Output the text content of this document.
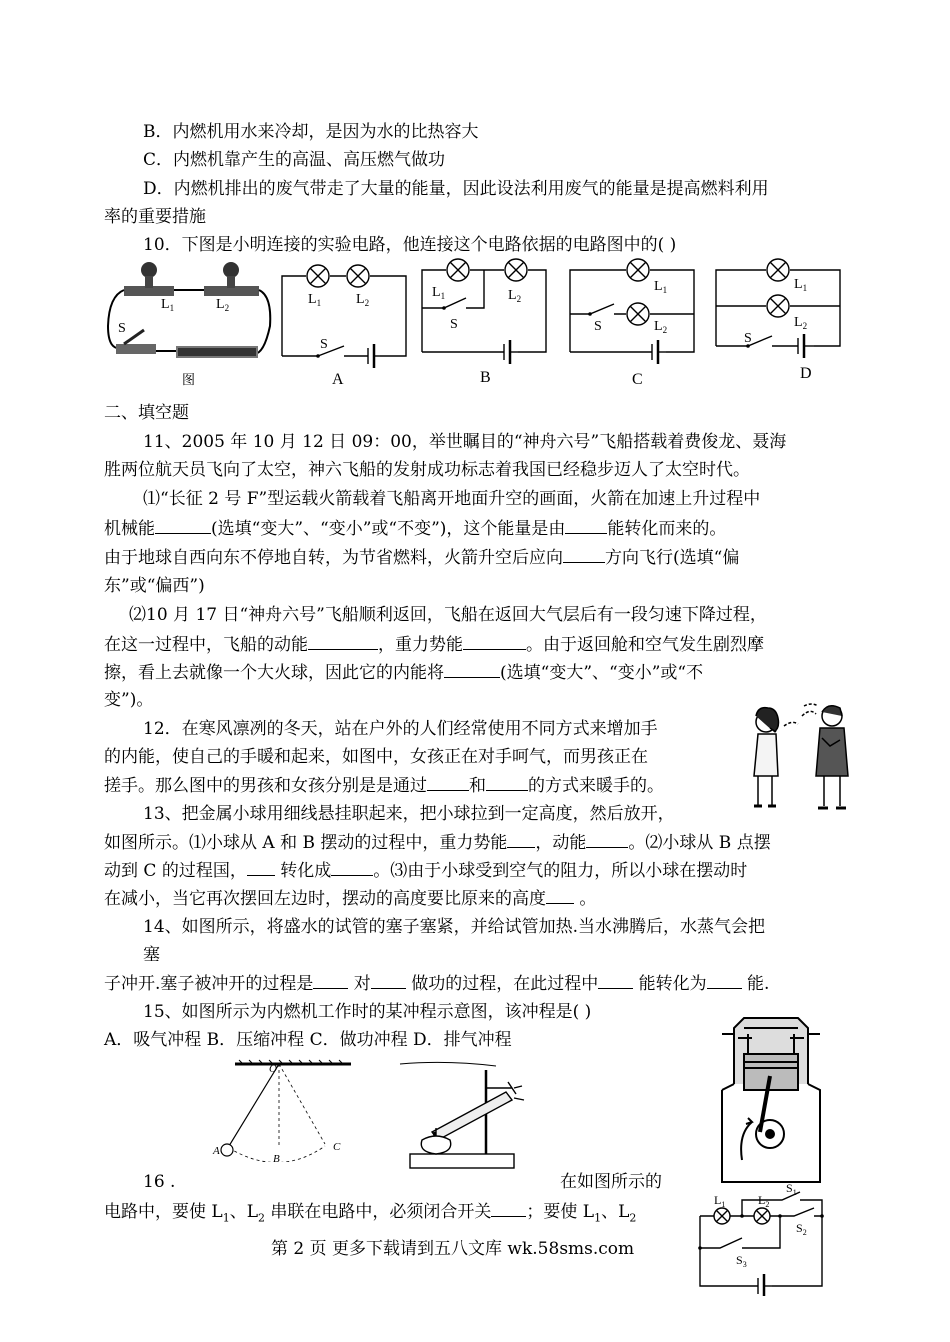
B．内燃机用水来冷却，是因为水的比热容大
C．内燃机靠产生的高温、高压燃气做功
D．内燃机排出的废气带走了大量的能量，因此设法利用废气的能量是提高燃料利用
率的重要措施
10．下图是小明连接的实验电路，他连接这个电路依据的电路图中的( )
二、填空题
11、2005 年 10 月 12 日 09：00，举世瞩目的“神舟六号”飞船搭载着费俊龙、聂海
胜两位航天员飞向了太空，神六飞船的发射成功标志着我国已经稳步迈人了太空时代。
⑴“长征 2 号 F”型运载火箭载着飞船离开地面升空的画面，火箭在加速上升过程中
机械能	(选填“变大”、“变小”或“不变”)，这个能量是由 能转化而来的。
由于地球自西向东不停地自转，为节省燃料，火箭升空后应向 方向飞行(选填“偏
东”或“偏西”)
⑵10 月 17 日“神舟六号”飞船顺利返回，飞船在返回大气层后有一段匀速下降过程，
在这一过程中，飞船的动能	，重力势能	。由于返回舱和空气发生剧烈摩
擦，看上去就像一个大火球，因此它的内能将	(选填“变大”、“变小”或“不
变”)。
12．在寒风凛冽的冬天，站在户外的人们经常使用不同方式来增加手
的内能，使自己的手暖和起来，如图中，女孩正在对手呵气，而男孩正在
搓手。那么图中的男孩和女孩分别是是通过 和 的方式来暖手的。
13、把金属小球用细线悬挂职起来，把小球拉到一定高度，然后放开，
如图所示。⑴小球从 A 和 B 摆动的过程中，重力势能 ，动能 。⑵小球从 B 点摆
动到 C 的过程国， 转化成 。⑶由于小球受到空气的阻力，所以小球在摆动时
在减小，当它再次摆回左边时，摆动的高度要比原来的高度 。
14、如图所示，将盛水的试管的塞子塞紧，并给试管加热.当水沸腾后，水蒸气会把
塞
子冲开.塞子被冲开的过程是 对 做功的过程，在此过程中 能转化为 能.
15、如图所示为内燃机工作时的某冲程示意图，该冲程是( )
A．吸气冲程 B．压缩冲程 C．做功冲程 D．排气冲程
16 .	在如图所示的
电路中，要使 $L_1$、$L_2$ 串联在电路中，必须闭合开关 ；要使 $L_1$、$L_2$
第 2 页 更多下载请到五八文库 wk.58sms.com
$L_1$	$L_2$
S
图
$L_1$ $L_2$
S
A
$L_1$	$L_2$
S
B
$L_1$
$L_2$
S
C
$L_1$
$L_2$
S
D
O
A
B
C
$L_1$	$L_2$
$S_1$
$S_2$
$S_3$
